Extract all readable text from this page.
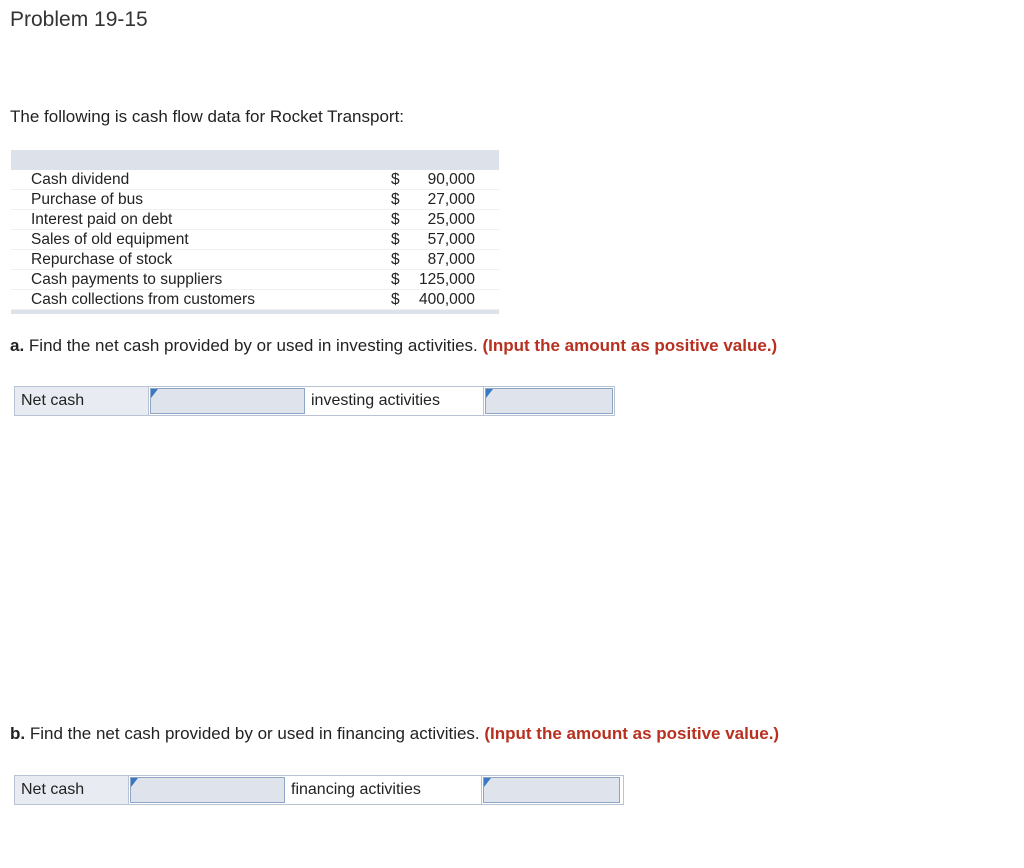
Problem 19-15
The following is cash flow data for Rocket Transport:
Cash dividend	$	90,000
Purchase of bus	$	27,000
Interest paid on debt	$	25,000
Sales of old equipment	$	57,000
Repurchase of stock	$	87,000
Cash payments to suppliers	$	125,000
Cash collections from customers	$	400,000
a. Find the net cash provided by or used in investing activities. (Input the amount as positive value.)
Net cash	investing activities
b. Find the net cash provided by or used in financing activities. (Input the amount as positive value.)
Net cash	financing activities
